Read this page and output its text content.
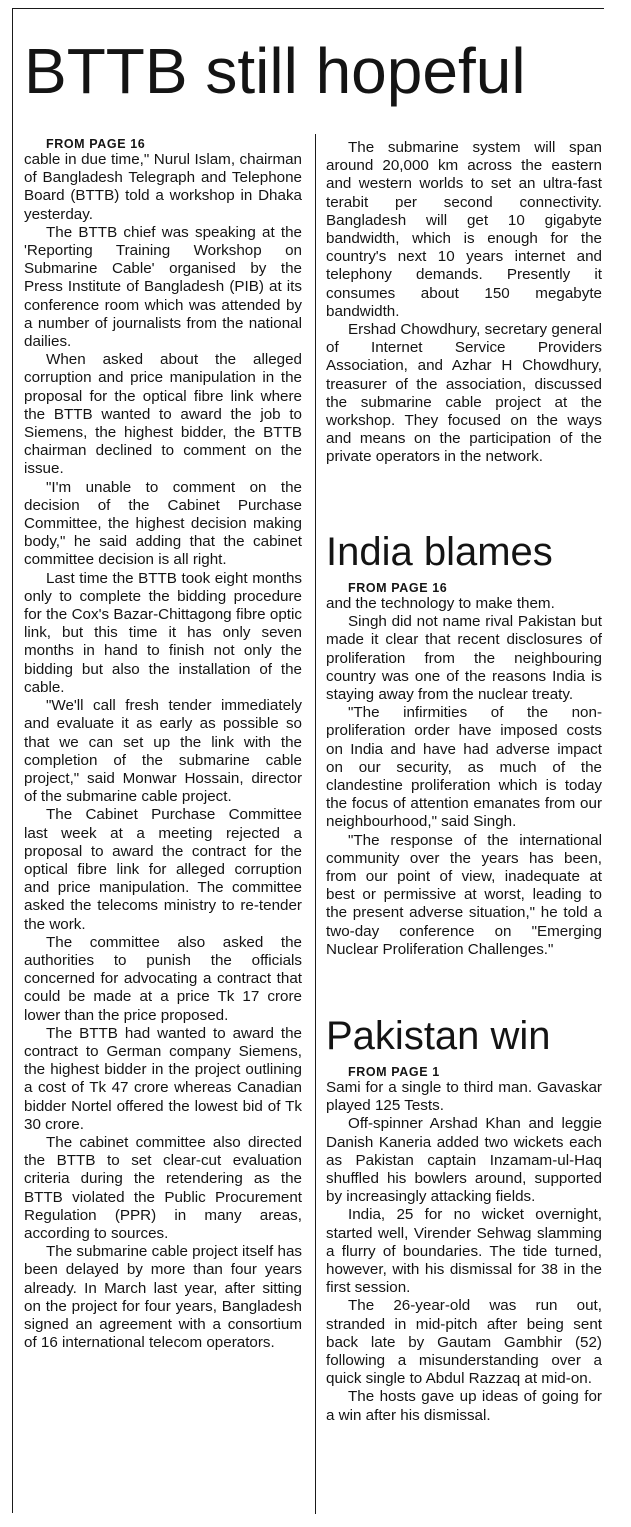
BTTB still hopeful

FROM PAGE 16

cable in due time," Nurul Islam, chairman of Bangladesh Telegraph and Telephone Board (BTTB) told a workshop in Dhaka yesterday.

The BTTB chief was speaking at the 'Reporting Training Workshop on Submarine Cable' organised by the Press Institute of Bangladesh (PIB) at its conference room which was attended by a number of journalists from the national dailies.

When asked about the alleged corruption and price manipulation in the proposal for the optical fibre link where the BTTB wanted to award the job to Siemens, the highest bidder, the BTTB chairman declined to comment on the issue.

"I'm unable to comment on the decision of the Cabinet Purchase Committee, the highest decision making body," he said adding that the cabinet committee decision is all right.

Last time the BTTB took eight months only to complete the bidding procedure for the Cox's Bazar-Chittagong fibre optic link, but this time it has only seven months in hand to finish not only the bidding but also the installation of the cable.

"We'll call fresh tender immediately and evaluate it as early as possible so that we can set up the link with the completion of the submarine cable project," said Monwar Hossain, director of the submarine cable project.

The Cabinet Purchase Committee last week at a meeting rejected a proposal to award the contract for the optical fibre link for alleged corruption and price manipulation. The committee asked the telecoms ministry to re-tender the work.

The committee also asked the authorities to punish the officials concerned for advocating a contract that could be made at a price Tk 17 crore lower than the price proposed.

The BTTB had wanted to award the contract to German company Siemens, the highest bidder in the project outlining a cost of Tk 47 crore whereas Canadian bidder Nortel offered the lowest bid of Tk 30 crore.

The cabinet committee also directed the BTTB to set clear-cut evaluation criteria during the retendering as the BTTB violated the Public Procurement Regulation (PPR) in many areas, according to sources.

The submarine cable project itself has been delayed by more than four years already. In March last year, after sitting on the project for four years, Bangladesh signed an agreement with a consortium of 16 international telecom operators.

The submarine system will span around 20,000 km across the eastern and western worlds to set an ultra-fast terabit per second connectivity. Bangladesh will get 10 gigabyte bandwidth, which is enough for the country's next 10 years internet and telephony demands. Presently it consumes about 150 megabyte bandwidth.

Ershad Chowdhury, secretary general of Internet Service Providers Association, and Azhar H Chowdhury, treasurer of the association, discussed the submarine cable project at the workshop. They focused on the ways and means on the participation of the private operators in the network.

India blames

FROM PAGE 16

and the technology to make them.

Singh did not name rival Pakistan but made it clear that recent disclosures of proliferation from the neighbouring country was one of the reasons India is staying away from the nuclear treaty.

"The infirmities of the non-proliferation order have imposed costs on India and have had adverse impact on our security, as much of the clandestine proliferation which is today the focus of attention emanates from our neighbourhood," said Singh.

"The response of the international community over the years has been, from our point of view, inadequate at best or permissive at worst, leading to the present adverse situation," he told a two-day conference on "Emerging Nuclear Proliferation Challenges."

Pakistan win

FROM PAGE 1

Sami for a single to third man. Gavaskar played 125 Tests.

Off-spinner Arshad Khan and leggie Danish Kaneria added two wickets each as Pakistan captain Inzamam-ul-Haq shuffled his bowlers around, supported by increasingly attacking fields.

India, 25 for no wicket overnight, started well, Virender Sehwag slamming a flurry of boundaries. The tide turned, however, with his dismissal for 38 in the first session.

The 26-year-old was run out, stranded in mid-pitch after being sent back late by Gautam Gambhir (52) following a misunderstanding over a quick single to Abdul Razzaq at mid-on.

The hosts gave up ideas of going for a win after his dismissal.
